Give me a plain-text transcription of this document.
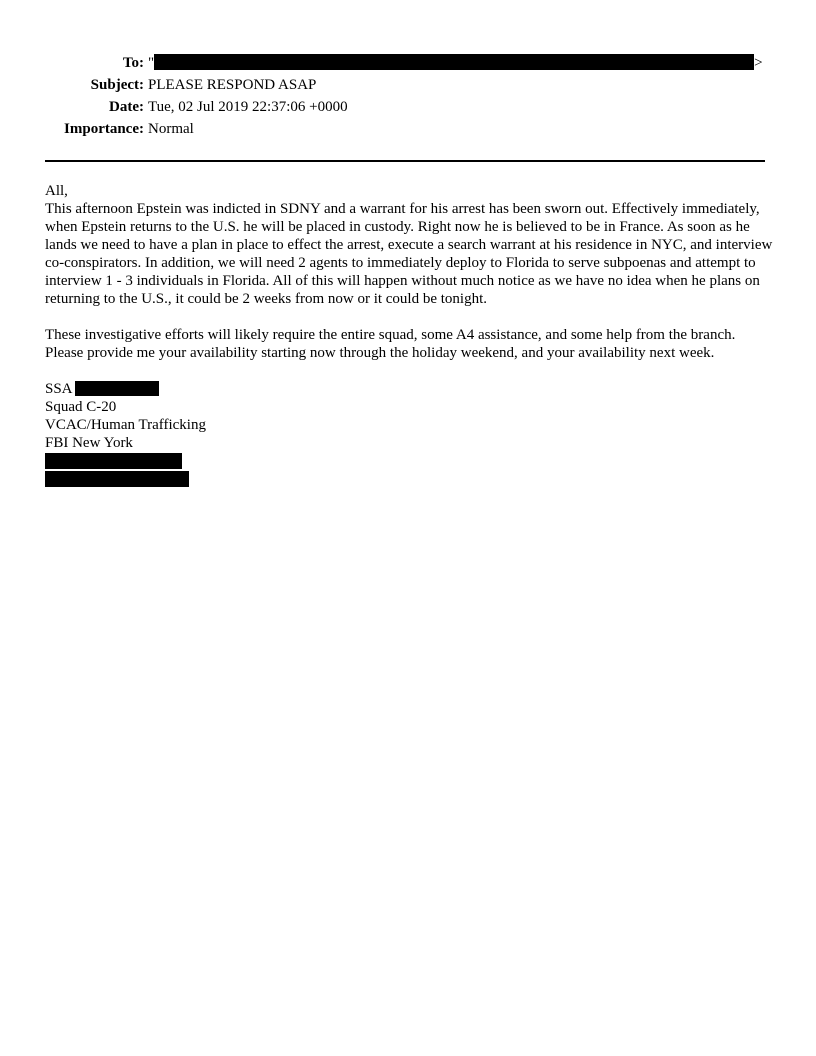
To:	" >
Subject:	PLEASE RESPOND ASAP
Date:	Tue, 02 Jul 2019 22:37:06 +0000
Importance:	Normal

All,

This afternoon Epstein was indicted in SDNY and a warrant for his arrest has been sworn out. Effectively immediately, when Epstein returns to the U.S. he will be placed in custody. Right now he is believed to be in France. As soon as he lands we need to have a plan in place to effect the arrest, execute a search warrant at his residence in NYC, and interview co-conspirators. In addition, we will need 2 agents to immediately deploy to Florida to serve subpoenas and attempt to interview 1 - 3 individuals in Florida. All of this will happen without much notice as we have no idea when he plans on returning to the U.S., it could be 2 weeks from now or it could be tonight.

These investigative efforts will likely require the entire squad, some A4 assistance, and some help from the branch. Please provide me your availability starting now through the holiday weekend, and your availability next week.

SSA

Squad C-20

VCAC/Human Trafficking

FBI New York
